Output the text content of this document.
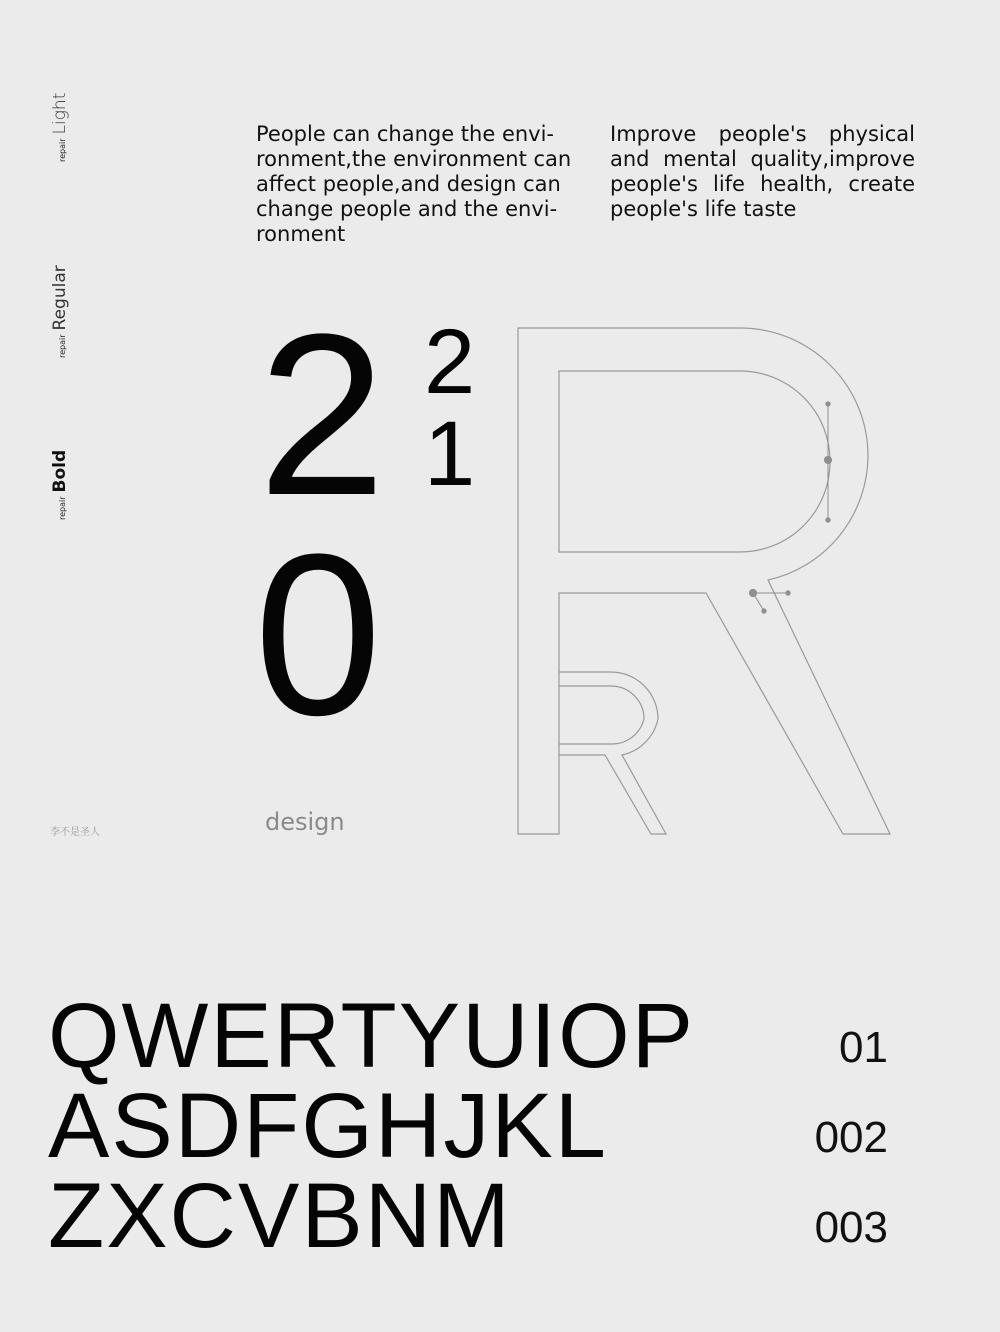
repair
Light
repair
Regular
repair
Bold

People can change the envi-ronment,the environment can affect people,and design can change people and the envi-ronment

Improve people's physical and mental quality,improve people's life health, create people's life taste

2
0
2
1
design
李不是圣人
QWERTYUIOP
ASDFGHJKL
ZXCVBNM
01
002
003
